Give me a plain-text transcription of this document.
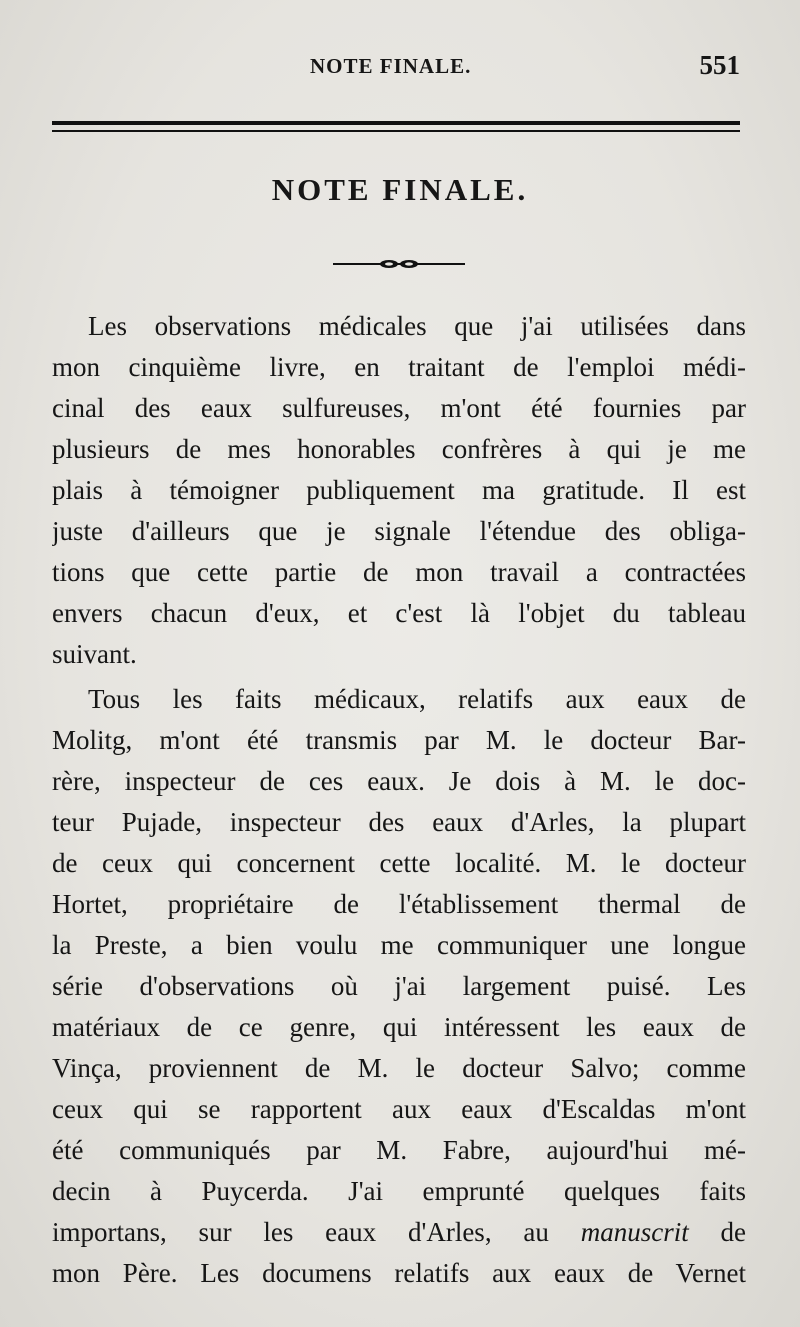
NOTE FINALE.	551
NOTE FINALE.
Les observations médicales que j'ai utilisées dans
mon cinquième livre, en traitant de l'emploi médi-
cinal des eaux sulfureuses, m'ont été fournies par
plusieurs de mes honorables confrères à qui je me
plais à témoigner publiquement ma gratitude. Il est
juste d'ailleurs que je signale l'étendue des obliga-
tions que cette partie de mon travail a contractées
envers chacun d'eux, et c'est là l'objet du tableau
suivant.
Tous les faits médicaux, relatifs aux eaux de
Molitg, m'ont été transmis par M. le docteur Bar-
rère, inspecteur de ces eaux. Je dois à M. le doc-
teur Pujade, inspecteur des eaux d'Arles, la plupart
de ceux qui concernent cette localité. M. le docteur
Hortet, propriétaire de l'établissement thermal de
la Preste, a bien voulu me communiquer une longue
série d'observations où j'ai largement puisé. Les
matériaux de ce genre, qui intéressent les eaux de
Vinça, proviennent de M. le docteur Salvo; comme
ceux qui se rapportent aux eaux d'Escaldas m'ont
été communiqués par M. Fabre, aujourd'hui mé-
decin à Puycerda. J'ai emprunté quelques faits
importans, sur les eaux d'Arles, au manuscrit de
mon Père. Les documens relatifs aux eaux de Vernet
